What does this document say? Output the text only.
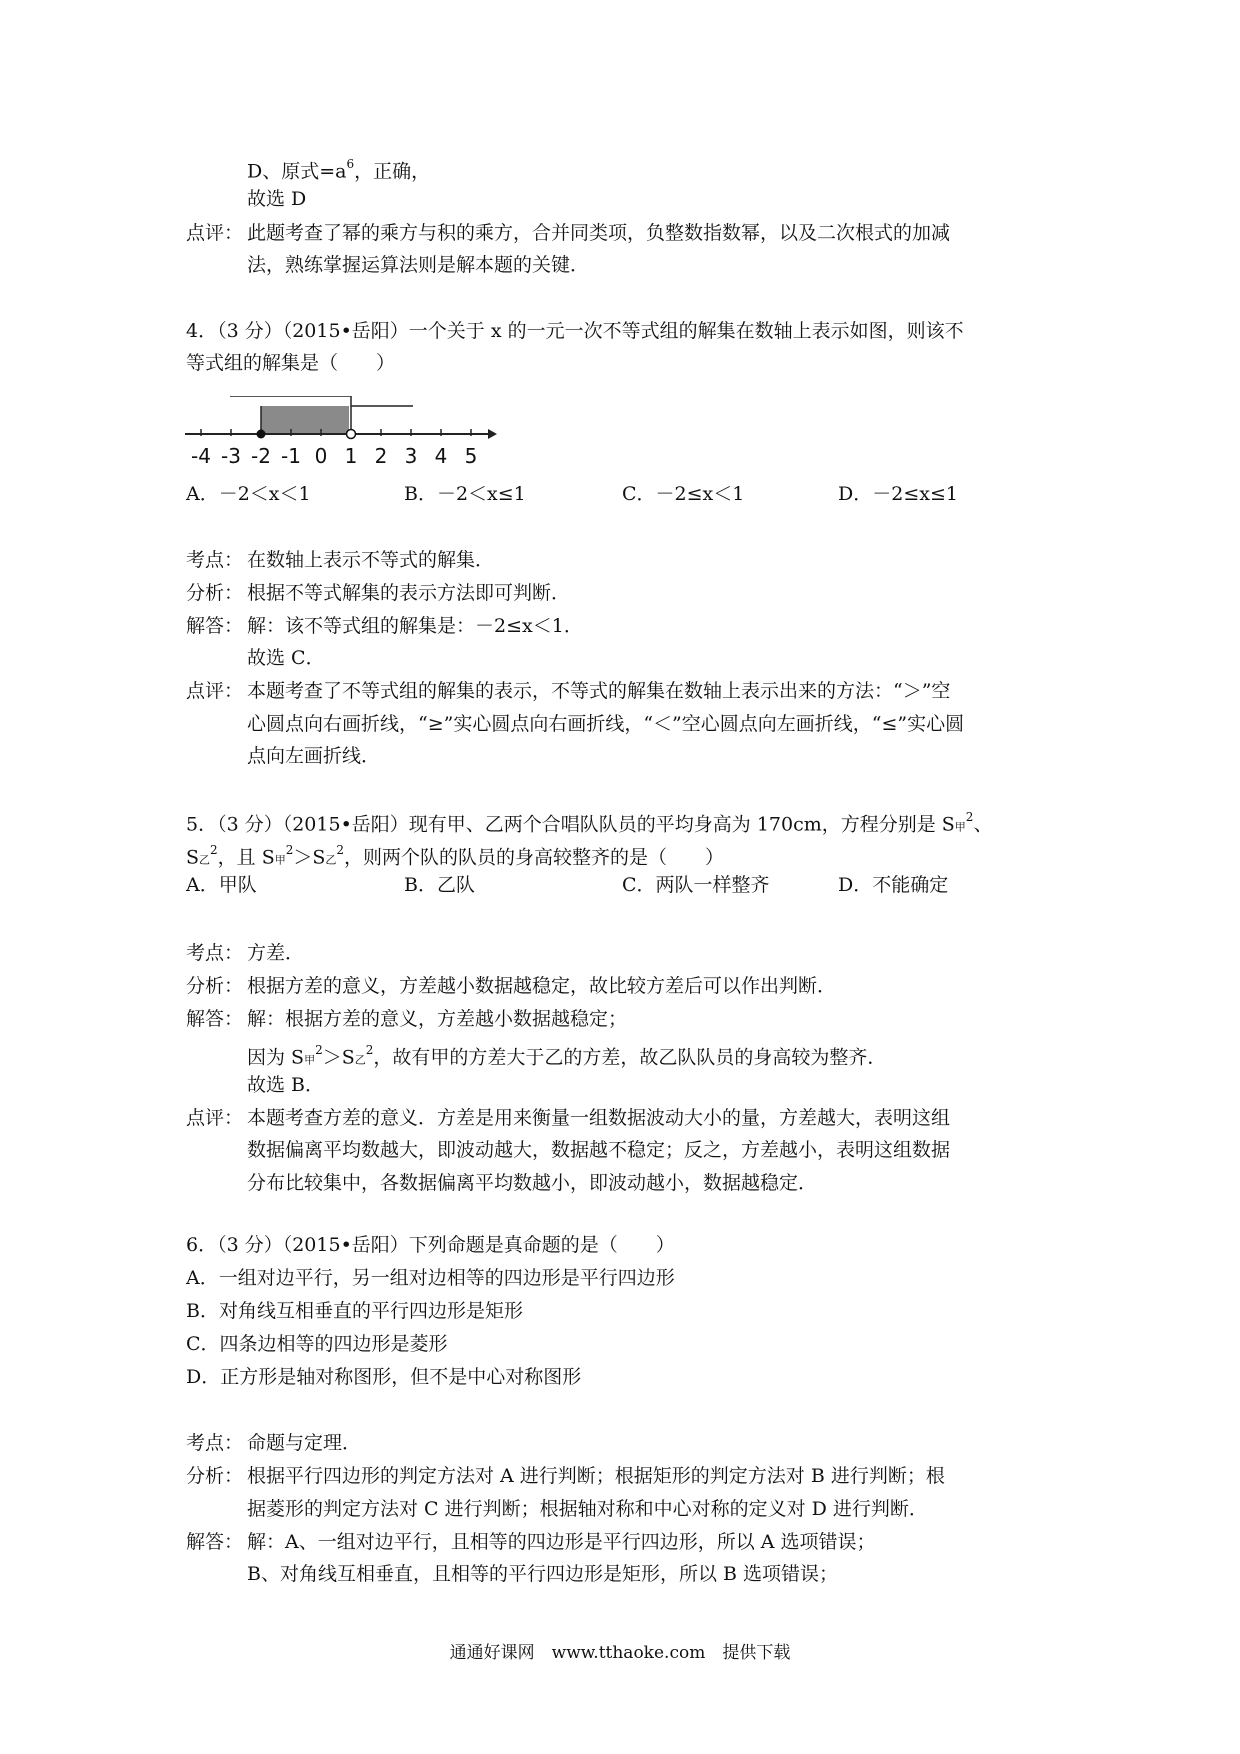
D、原式$=a^6$，正确，
故选 D
点评： 此题考查了幂的乘方与积的乘方，合并同类项，负整数指数幂，以及二次根式的加减
法，熟练掌握运算法则是解本题的关键．
4．（3 分）（2015•岳阳）一个关于 x 的一元一次不等式组的解集在数轴上表示如图，则该不
等式组的解集是（　　）
-4 -3 -2 -1 0 1 2 3 4 5
A．－2＜x＜1	B．－2＜x≤1	C．－2≤x＜1	D．－2≤x≤1
考点： 在数轴上表示不等式的解集．
分析： 根据不等式解集的表示方法即可判断．
解答： 解：该不等式组的解集是：－2≤x＜1．
故选 C．
点评： 本题考查了不等式组的解集的表示，不等式的解集在数轴上表示出来的方法：“＞”空
心圆点向右画折线，“≥”实心圆点向右画折线，“＜”空心圆点向左画折线，“≤”实心圆
点向左画折线．
5．（3 分）（2015•岳阳）现有甲、乙两个合唱队队员的平均身高为 170cm，方程分别是 S甲$^2$、
S乙$^2$，且 S甲$^2$＞S乙$^2$，则两个队的队员的身高较整齐的是（　　）
A．甲队	B．乙队	C．两队一样整齐	D．不能确定
考点： 方差．
分析： 根据方差的意义，方差越小数据越稳定，故比较方差后可以作出判断．
解答： 解：根据方差的意义，方差越小数据越稳定；
因为 S甲$^2$＞S乙$^2$，故有甲的方差大于乙的方差，故乙队队员的身高较为整齐．
故选 B．
点评： 本题考查方差的意义．方差是用来衡量一组数据波动大小的量，方差越大，表明这组
数据偏离平均数越大，即波动越大，数据越不稳定；反之，方差越小，表明这组数据
分布比较集中，各数据偏离平均数越小，即波动越小，数据越稳定．
6．（3 分）（2015•岳阳）下列命题是真命题的是（　　）
A．一组对边平行，另一组对边相等的四边形是平行四边形
B．对角线互相垂直的平行四边形是矩形
C．四条边相等的四边形是菱形
D．正方形是轴对称图形，但不是中心对称图形
考点： 命题与定理．
分析： 根据平行四边形的判定方法对 A 进行判断；根据矩形的判定方法对 B 进行判断；根
据菱形的判定方法对 C 进行判断；根据轴对称和中心对称的定义对 D 进行判断．
解答： 解：A、一组对边平行，且相等的四边形是平行四边形，所以 A 选项错误；
B、对角线互相垂直，且相等的平行四边形是矩形，所以 B 选项错误；
通通好课网　www.tthaoke.com　提供下载
